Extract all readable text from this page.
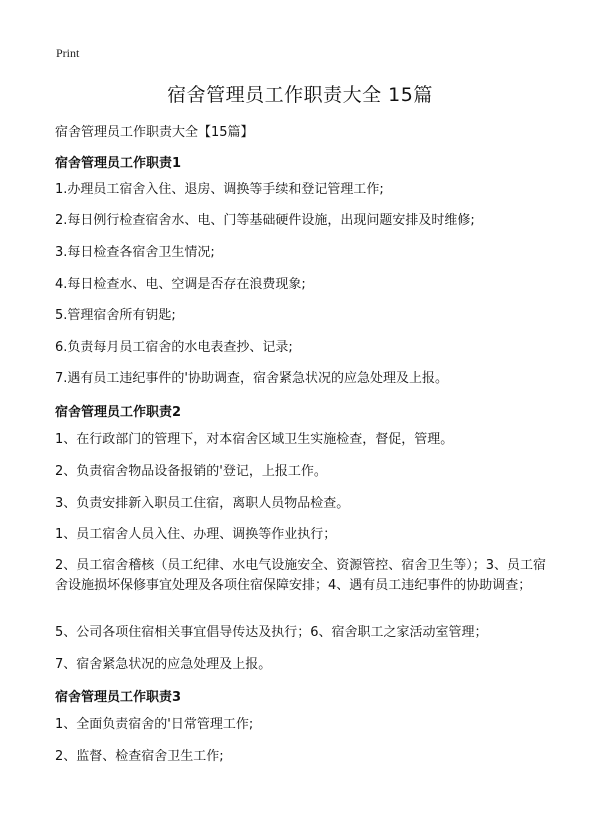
Print
宿舍管理员工作职责大全 15篇
宿舍管理员工作职责大全【15篇】
宿舍管理员工作职责1
1.办理员工宿舍入住、退房、调换等手续和登记管理工作;
2.每日例行检查宿舍水、电、门等基础硬件设施，出现问题安排及时维修;
3.每日检查各宿舍卫生情况;
4.每日检查水、电、空调是否存在浪费现象;
5.管理宿舍所有钥匙;
6.负责每月员工宿舍的水电表查抄、记录;
7.遇有员工违纪事件的'协助调查，宿舍紧急状况的应急处理及上报。
宿舍管理员工作职责2
1、在行政部门的管理下，对本宿舍区域卫生实施检查，督促，管理。
2、负责宿舍物品设备报销的'登记，上报工作。
3、负责安排新入职员工住宿，离职人员物品检查。
1、员工宿舍人员入住、办理、调换等作业执行；
2、员工宿舍稽核（员工纪律、水电气设施安全、资源管控、宿舍卫生等）；3、员工宿舍设施损坏保修事宜处理及各项住宿保障安排；4、遇有员工违纪事件的协助调查；
5、公司各项住宿相关事宜倡导传达及执行；6、宿舍职工之家活动室管理；
7、宿舍紧急状况的应急处理及上报。
宿舍管理员工作职责3
1、全面负责宿舍的'日常管理工作;
2、监督、检查宿舍卫生工作;
